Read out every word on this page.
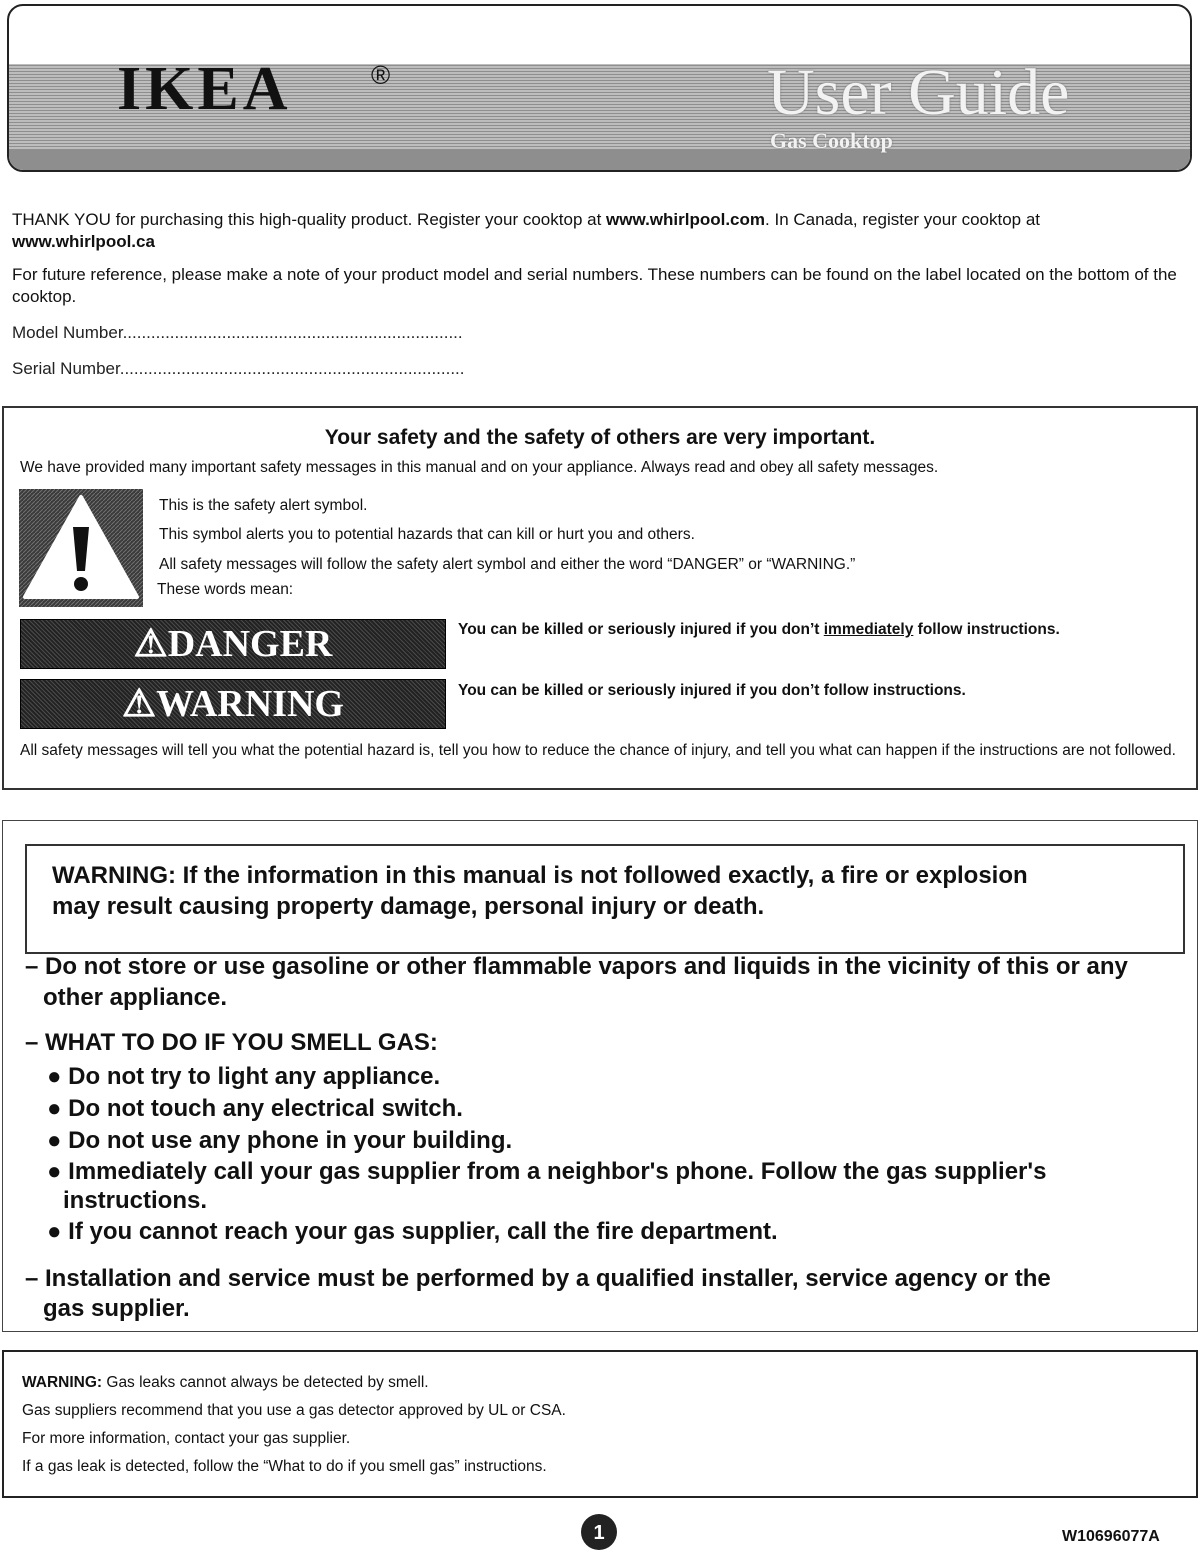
IKEA	®	User Guide
Gas Cooktop
THANK YOU for purchasing this high-quality product. Register your cooktop at www.whirlpool.com. In Canada, register your cooktop at
www.whirlpool.ca
For future reference, please make a note of your product model and serial numbers. These numbers can be found on the label located on the bottom of the cooktop.
Model Number........................................................................
Serial Number.........................................................................
Your safety and the safety of others are very important.
We have provided many important safety messages in this manual and on your appliance. Always read and obey all safety messages.
This is the safety alert symbol.
This symbol alerts you to potential hazards that can kill or hurt you and others.
All safety messages will follow the safety alert symbol and either the word “DANGER” or “WARNING.”
These words mean:
⚠DANGER	You can be killed or seriously injured if you don’t immediately follow instructions.
⚠WARNING	You can be killed or seriously injured if you don’t follow instructions.
All safety messages will tell you what the potential hazard is, tell you how to reduce the chance of injury, and tell you what can happen if the instructions are not followed.
WARNING: If the information in this manual is not followed exactly, a fire or explosion
may result causing property damage, personal injury or death.
– Do not store or use gasoline or other flammable vapors and liquids in the vicinity of this or any
other appliance.
– WHAT TO DO IF YOU SMELL GAS:
● Do not try to light any appliance.
● Do not touch any electrical switch.
● Do not use any phone in your building.
● Immediately call your gas supplier from a neighbor's phone. Follow the gas supplier's
instructions.
● If you cannot reach your gas supplier, call the fire department.
– Installation and service must be performed by a qualified installer, service agency or the
gas supplier.
WARNING: Gas leaks cannot always be detected by smell.
Gas suppliers recommend that you use a gas detector approved by UL or CSA.
For more information, contact your gas supplier.
If a gas leak is detected, follow the “What to do if you smell gas” instructions.
1	W10696077A
